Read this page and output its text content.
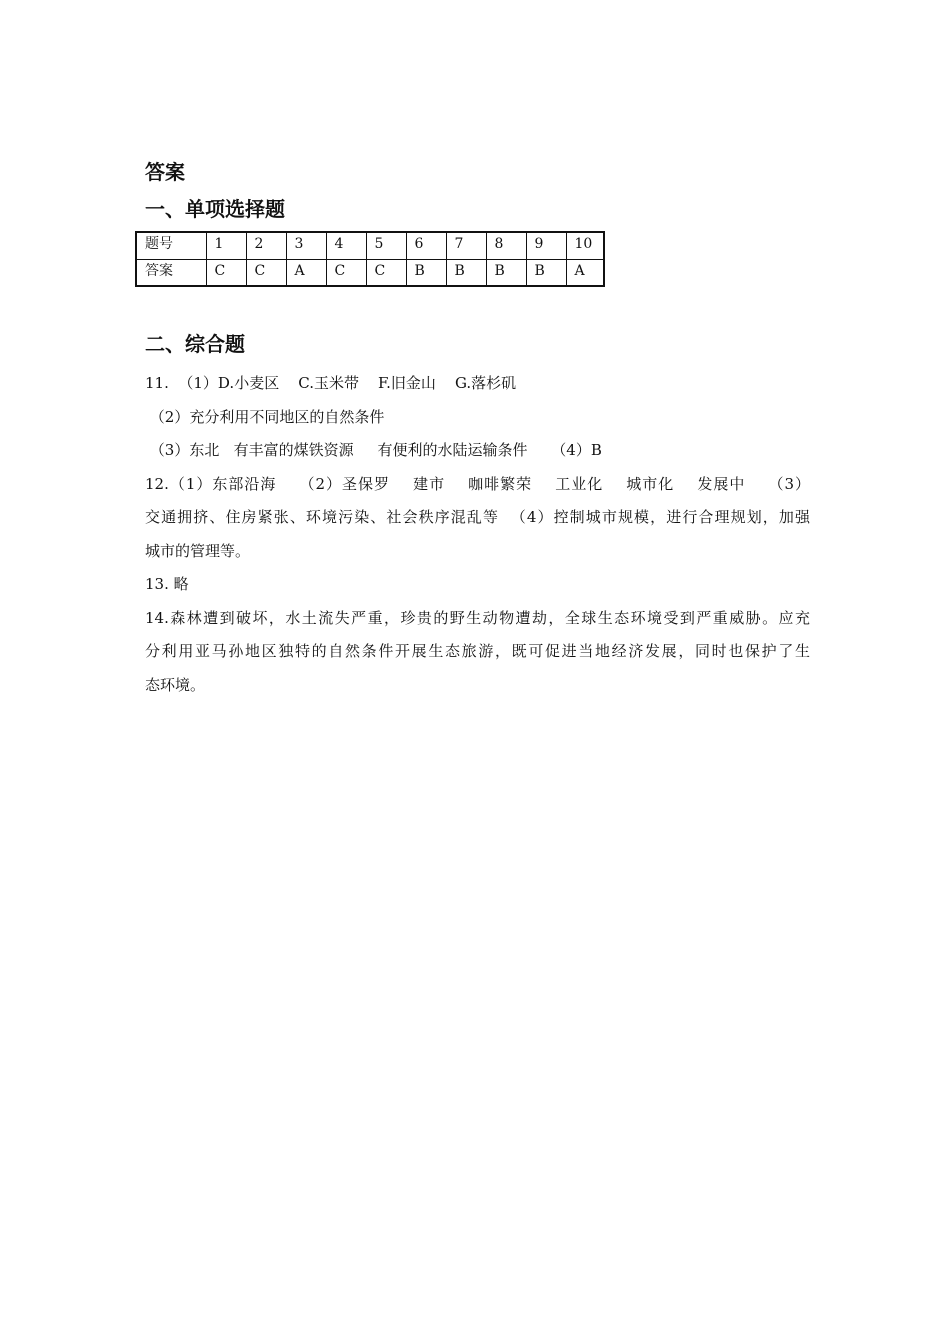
答案
一、单项选择题
题号	1	2	3	4	5	6	7	8	9	10
答案	C	C	A	C	C	B	B	B	B	A
二、综合题

11.  （1）D.小麦区    C.玉米带    F.旧金山    G.落杉矶

（2）充分利用不同地区的自然条件

（3）东北   有丰富的煤铁资源     有便利的水陆运输条件     （4）B

12.（1）东部沿海    （2）圣保罗    建市    咖啡繁荣    工业化    城市化    发展中    （3）

交通拥挤、住房紧张、环境污染、社会秩序混乱等  （4）控制城市规模，进行合理规划，加强

城市的管理等。

13. 略

14.森林遭到破坏，水土流失严重，珍贵的野生动物遭劫，全球生态环境受到严重威胁。应充

分利用亚马孙地区独特的自然条件开展生态旅游，既可促进当地经济发展，同时也保护了生

态环境。
